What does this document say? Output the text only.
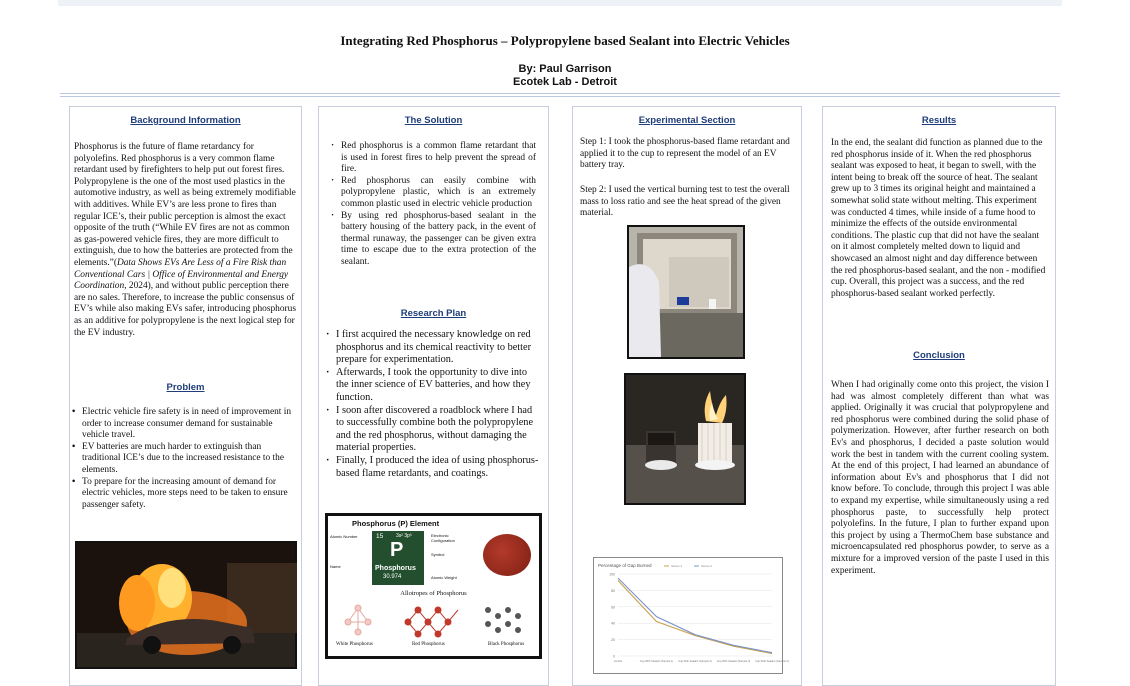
Integrating Red Phosphorus – Polypropylene based Sealant into Electric Vehicles
By: Paul Garrison
Ecotek Lab - Detroit
Background Information
Phosphorus is the future of flame retardancy for polyolefins. Red phosphorus is a very common flame retardant used by firefighters to help put out forest fires. Polypropylene is the one of the most used plastics in the automotive industry, as well as being extremely modifiable with additives. While EV’s are less prone to fires than regular ICE’s, their public perception is almost the exact opposite of the truth (“While EV fires are not as common as gas-powered vehicle fires, they are more difficult to extinguish, due to how the batteries are protected from the elements.”(Data Shows EVs Are Less of a Fire Risk than Conventional Cars | Office of Environmental and Energy Coordination, 2024), and without public perception there are no sales. Therefore, to increase the public consensus of EV’s while also making EVs safer, introducing phosphorus as an additive for polypropylene is the next logical step for the EV industry.
Problem
• Electric vehicle fire safety is in need of improvement in order to increase consumer demand for sustainable vehicle travel.
• EV batteries are much harder to extinguish than traditional ICE’s due to the increased resistance to the elements.
• To prepare for the increasing amount of demand for electric vehicles, more steps need to be taken to ensure passenger safety.
The Solution
· Red phosphorus is a common flame retardant that is used in forest fires to help prevent the spread of fire.
· Red phosphorus can easily combine with polypropylene plastic, which is an extremely common plastic used in electric vehicle production
· By using red phosphorus-based sealant in the battery housing of the battery pack, in the event of thermal runaway, the passenger can be given extra time to escape due to the extra protection of the sealant.
Research Plan
· I first acquired the necessary knowledge on red phosphorus and its chemical reactivity to better prepare for experimentation.
· Afterwards, I took the opportunity to dive into the inner science of EV batteries, and how they function.
· I soon after discovered a roadblock where I had to successfully combine both the polypropylene and the red phosphorus, without damaging the material properties.
· Finally, I produced the idea of using phosphorus-based flame retardants, and coatings.
Phosphorus (P) Element
15	3s² 3p³
P
Phosphorus
30.974
Atomic Number
Name
Electronic Configuration
Symbol
Atomic Weight
Allotropes of Phosphorus
White Phosphorus	Red Phosphorus	Black Phosphorus
Experimental Section

Step 1: I took the phosphorus-based flame retardant and applied it to the cup to represent the model of an EV battery tray.

Step 2: I used the vertical burning test to test the overall mass to loss ratio and see the heat spread of the given material.

Percentage of Gap Burned
100
80
60
40
20
0
Control	Cup With Sealant (Sample 1) Cup With Sealant (Sample 2) Cup With Sealant (Sample 3) Cup With Sealant (Sample 4)
Series 1	Series 2
Results

In the end, the sealant did function as planned due to the red phosphorus inside of it. When the red phosphorus sealant was exposed to heat, it began to swell, with the intent being to break off the source of heat. The sealant grew up to 3 times its original height and maintained a somewhat solid state without melting. This experiment was conducted 4 times, while inside of a fume hood to minimize the effects of the outside environmental conditions. The plastic cup that did not have the sealant on it almost completely melted down to liquid and showcased an almost night and day difference between the red phosphorus-based sealant, and the non - modified cup. Overall, this project was a success, and the red phosphorus-based sealant worked perfectly.

Conclusion

When I had originally come onto this project, the vision I had was almost completely different than what was applied. Originally it was crucial that polypropylene and red phosphorus were combined during the solid phase of polymerization. However, after further research on both Ev's and phosphorus, I decided a paste solution would work the best in tandem with the current cooling system. At the end of this project, I had learned an abundance of information about Ev's and phosphorus that I did not know before. To conclude, through this project I was able to expand my expertise, while simultaneously using a red phosphorus paste, to successfully help protect polyolefins. In the future, I plan to further expand upon this project by using a ThermoChem base substance and microencapsulated red phosphorus powder, to serve as a mixture for a improved version of the paste I used in this experiment.
